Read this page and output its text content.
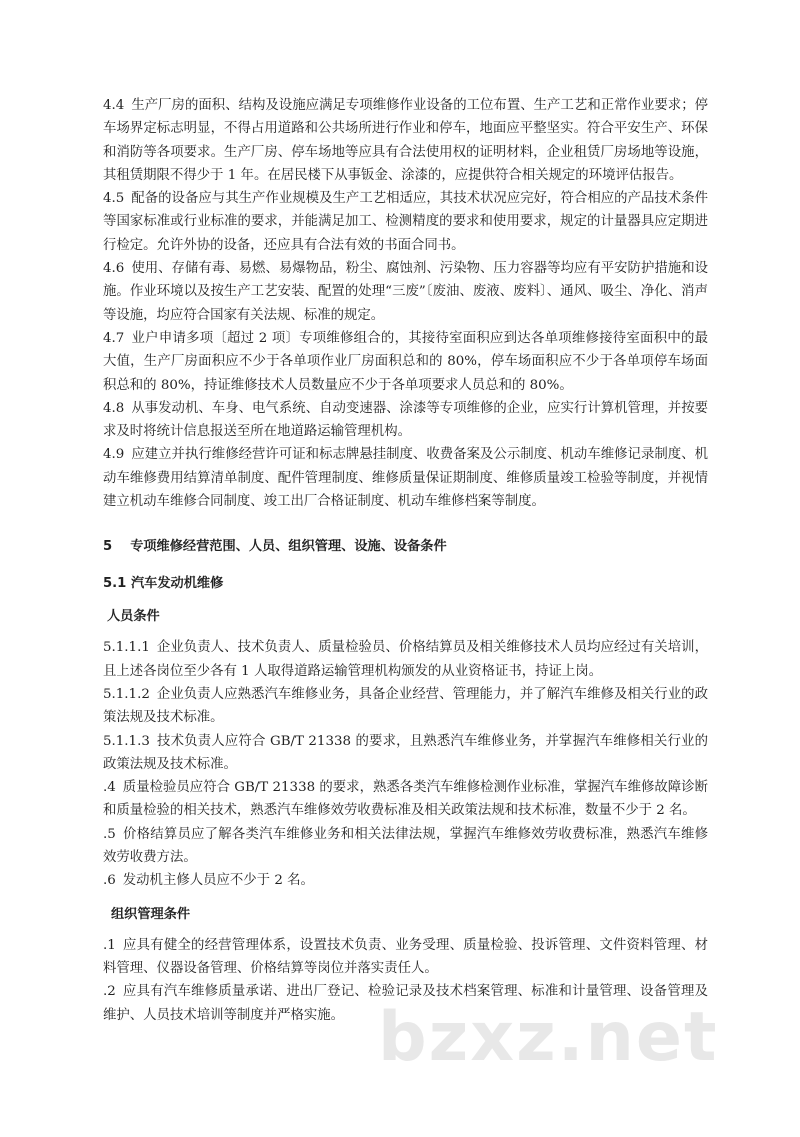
4.4 生产厂房的面积、结构及设施应满足专项维修作业设备的工位布置、生产工艺和正常作业要求；停车场界定标志明显，不得占用道路和公共场所进行作业和停车，地面应平整坚实。符合平安生产、环保和消防等各项要求。生产厂房、停车场地等应具有合法使用权的证明材料，企业租赁厂房场地等设施，其租赁期限不得少于 1 年。在居民楼下从事钣金、涂漆的，应提供符合相关规定的环境评估报告。

4.5 配备的设备应与其生产作业规模及生产工艺相适应，其技术状况应完好，符合相应的产品技术条件等国家标准或行业标准的要求，并能满足加工、检测精度的要求和使用要求，规定的计量器具应定期进行检定。允许外协的设备，还应具有合法有效的书面合同书。

4.6 使用、存储有毒、易燃、易爆物品，粉尘、腐蚀剂、污染物、压力容器等均应有平安防护措施和设施。作业环境以及按生产工艺安装、配置的处理“三废”〔废油、废液、废料〕、通风、吸尘、净化、消声等设施，均应符合国家有关法规、标准的规定。

4.7 业户申请多项〔超过 2 项〕专项维修组合的，其接待室面积应到达各单项维修接待室面积中的最大值，生产厂房面积应不少于各单项作业厂房面积总和的 80%，停车场面积应不少于各单项停车场面积总和的 80%，持证维修技术人员数量应不少于各单项要求人员总和的 80%。

4.8 从事发动机、车身、电气系统、自动变速器、涂漆等专项维修的企业，应实行计算机管理，并按要求及时将统计信息报送至所在地道路运输管理机构。

4.9 应建立并执行维修经营许可证和标志牌悬挂制度、收费备案及公示制度、机动车维修记录制度、机动车维修费用结算清单制度、配件管理制度、维修质量保证期制度、维修质量竣工检验等制度，并视情建立机动车维修合同制度、竣工出厂合格证制度、机动车维修档案等制度。

5 专项维修经营范围、人员、组织管理、设施、设备条件
5.1 汽车发动机维修
人员条件

5.1.1.1 企业负责人、技术负责人、质量检验员、价格结算员及相关维修技术人员均应经过有关培训，且上述各岗位至少各有 1 人取得道路运输管理机构颁发的从业资格证书，持证上岗。

5.1.1.2 企业负责人应熟悉汽车维修业务，具备企业经营、管理能力，并了解汽车维修及相关行业的政策法规及技术标准。

5.1.1.3 技术负责人应符合 GB/T 21338 的要求，且熟悉汽车维修业务，并掌握汽车维修相关行业的政策法规及技术标准。

.4 质量检验员应符合 GB/T 21338 的要求，熟悉各类汽车维修检测作业标准，掌握汽车维修故障诊断和质量检验的相关技术，熟悉汽车维修效劳收费标准及相关政策法规和技术标准，数量不少于 2 名。

.5 价格结算员应了解各类汽车维修业务和相关法律法规，掌握汽车维修效劳收费标准，熟悉汽车维修效劳收费方法。

.6 发动机主修人员应不少于 2 名。

组织管理条件

.1 应具有健全的经营管理体系，设置技术负责、业务受理、质量检验、投诉管理、文件资料管理、材料管理、仪器设备管理、价格结算等岗位并落实责任人。

.2 应具有汽车维修质量承诺、进出厂登记、检验记录及技术档案管理、标准和计量管理、设备管理及维护、人员技术培训等制度并严格实施。 bzxz.net
